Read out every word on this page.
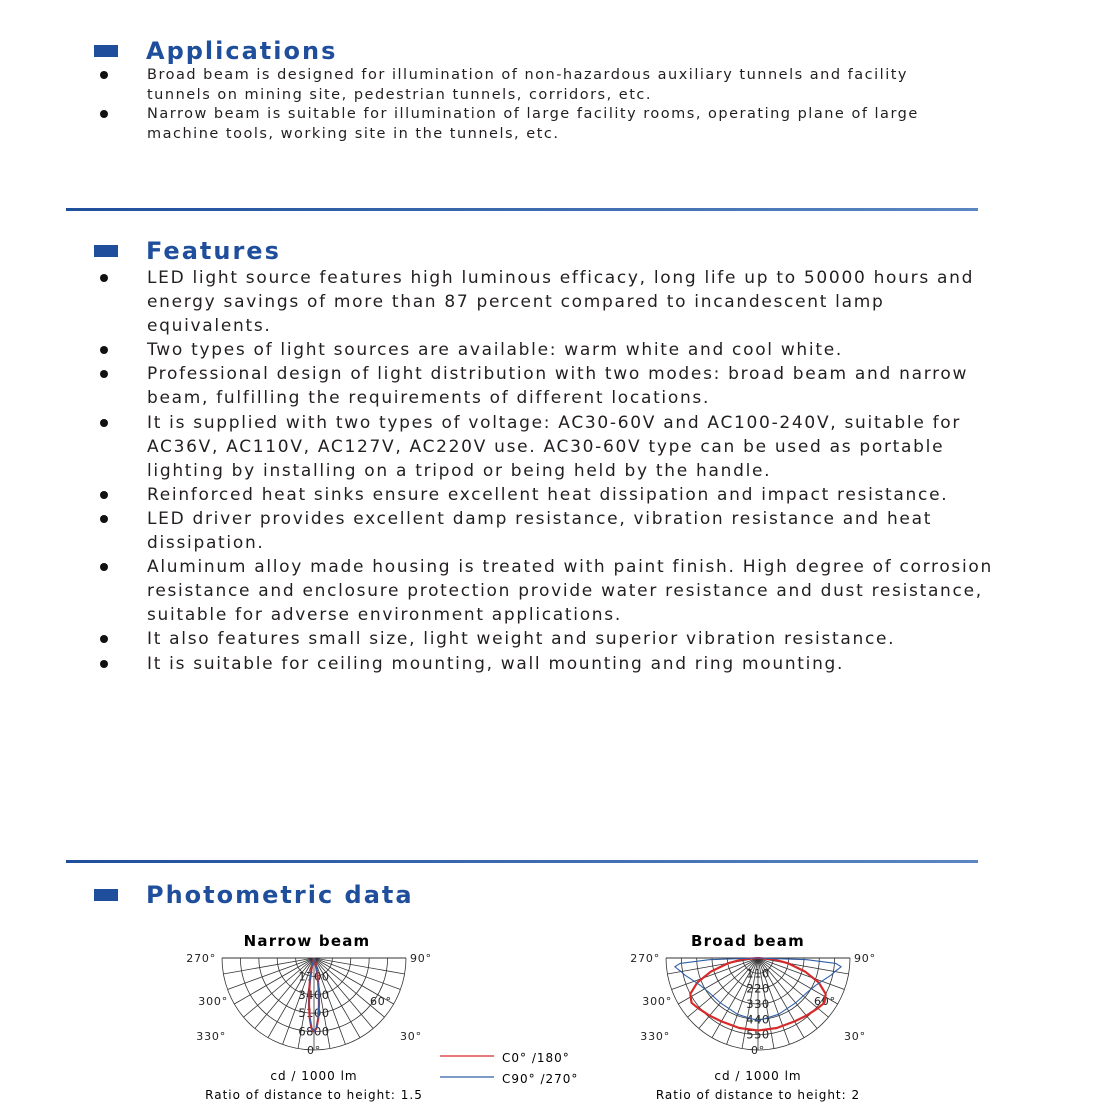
Applications
Broad beam is designed for illumination of non-hazardous auxiliary tunnels and facility tunnels on mining site, pedestrian tunnels, corridors, etc.
Narrow beam is suitable for illumination of large facility rooms, operating plane of large machine tools, working site in the tunnels, etc.
Features
LED light source features high luminous efficacy, long life up to 50000 hours and energy savings of more than 87 percent compared to incandescent lamp equivalents.
Two types of light sources are available: warm white and cool white.
Professional design of light distribution with two modes: broad beam and narrow beam, fulfilling the requirements of different locations.
It is supplied with two types of voltage: AC30-60V and AC100-240V, suitable for AC36V, AC110V, AC127V, AC220V use. AC30-60V type can be used as portable lighting by installing on a tripod or being held by the handle.
Reinforced heat sinks ensure excellent heat dissipation and impact resistance.
LED driver provides excellent damp resistance, vibration resistance and heat dissipation.
Aluminum alloy made housing is treated with paint finish. High degree of corrosion resistance and enclosure protection provide water resistance and dust resistance, suitable for adverse environment applications.
It also features small size, light weight and superior vibration resistance.
It is suitable for ceiling mounting, wall mounting and ring mounting.
Photometric data
Narrow beam
1700
3400
5100
6800
270°
300°
330°
0°
30°
60°
90°
cd / 1000 lm
Ratio of distance to height: 1.5
Broad beam
110
220
330
440
550
270°
300°
330°
0°
30°
60°
90°
cd / 1000 lm
Ratio of distance to height: 2
C0° /180°
C90° /270°
